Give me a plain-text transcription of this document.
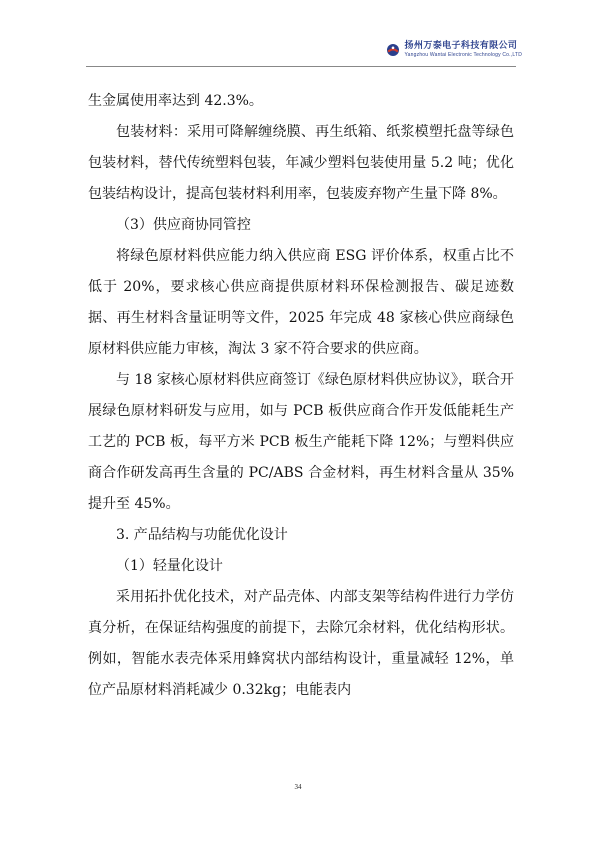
扬州万泰电子科技有限公司
Yangzhou Wantai Electronic Technology Co.,LTD

生金属使用率达到 42.3%。

包装材料：采用可降解缠绕膜、再生纸箱、纸浆模塑托盘等绿色包装材料，替代传统塑料包装，年减少塑料包装使用量 5.2 吨；优化包装结构设计，提高包装材料利用率，包装废弃物产生量下降 8%。

（3）供应商协同管控

将绿色原材料供应能力纳入供应商 ESG 评价体系，权重占比不低于 20%，要求核心供应商提供原材料环保检测报告、碳足迹数据、再生材料含量证明等文件，2025 年完成 48 家核心供应商绿色原材料供应能力审核，淘汰 3 家不符合要求的供应商。

与 18 家核心原材料供应商签订《绿色原材料供应协议》，联合开展绿色原材料研发与应用，如与 PCB 板供应商合作开发低能耗生产工艺的 PCB 板，每平方米 PCB 板生产能耗下降 12%；与塑料供应商合作研发高再生含量的 PC/ABS 合金材料，再生材料含量从 35% 提升至 45%。

3. 产品结构与功能优化设计

（1）轻量化设计

采用拓扑优化技术，对产品壳体、内部支架等结构件进行力学仿真分析，在保证结构强度的前提下，去除冗余材料，优化结构形状。例如，智能水表壳体采用蜂窝状内部结构设计，重量减轻 12%，单位产品原材料消耗减少 0.32kg；电能表内

34
